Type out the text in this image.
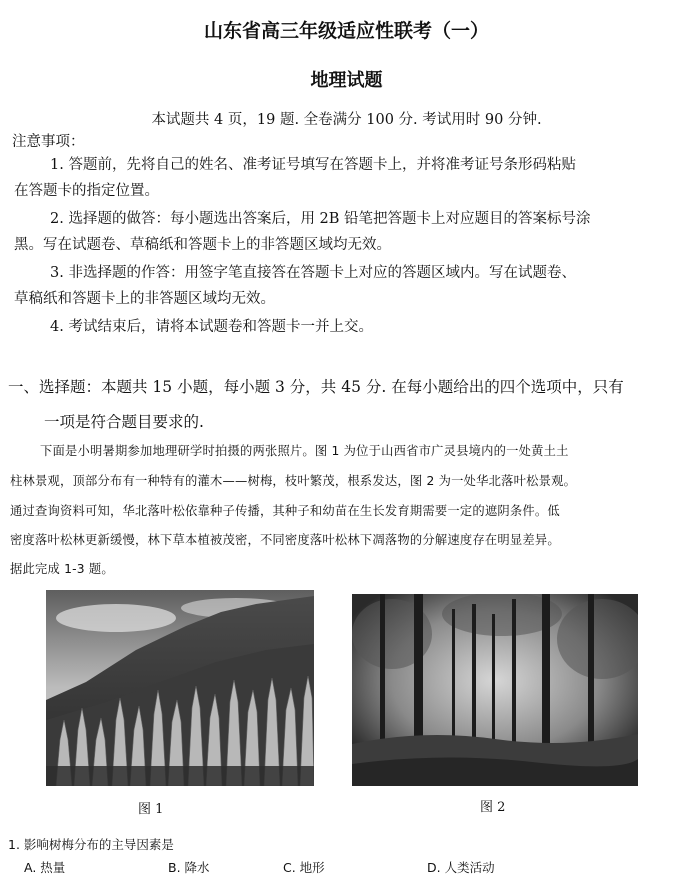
山东省高三年级适应性联考（一）
地理试题

本试题共 4 页，19 题. 全卷满分 100 分. 考试用时 90 分钟.

注意事项：

1. 答题前，先将自己的姓名、准考证号填写在答题卡上，并将准考证号条形码粘贴

在答题卡的指定位置。

2. 选择题的做答：每小题选出答案后，用 2B 铅笔把答题卡上对应题目的答案标号涂

黑。写在试题卷、草稿纸和答题卡上的非答题区域均无效。

3. 非选择题的作答：用签字笔直接答在答题卡上对应的答题区域内。写在试题卷、

草稿纸和答题卡上的非答题区域均无效。

4. 考试结束后，请将本试题卷和答题卡一并上交。

一、选择题：本题共 15 小题，每小题 3 分，共 45 分. 在每小题给出的四个选项中，只有

一项是符合题目要求的.

下面是小明暑期参加地理研学时拍摄的两张照片。图 1 为位于山西省市广灵县境内的一处黄土土

柱林景观，顶部分布有一种特有的灌木——树梅，枝叶繁茂，根系发达，图 2 为一处华北落叶松景观。

通过查询资料可知，华北落叶松依靠种子传播，其种子和幼苗在生长发育期需要一定的遮阴条件。低

密度落叶松林更新缓慢，林下草本植被茂密，不同密度落叶松林下凋落物的分解速度存在明显差异。

据此完成 1-3 题。

图 1	图 2

1. 影响树梅分布的主导因素是

A. 热量	B. 降水	C. 地形	D. 人类活动
